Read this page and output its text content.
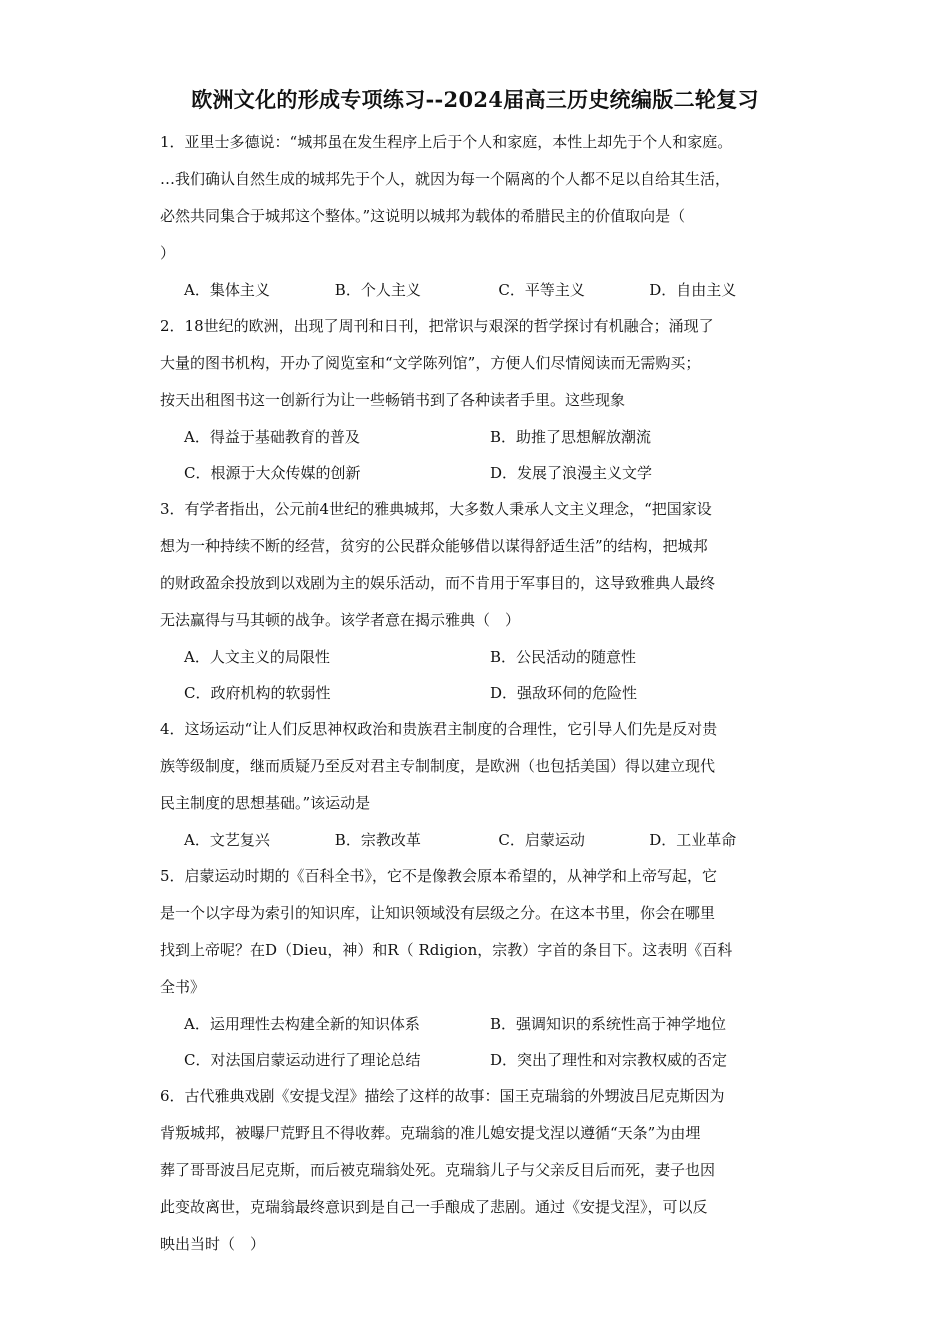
欧洲文化的形成专项练习--2024届高三历史统编版二轮复习

1．亚里士多德说：“城邦虽在发生程序上后于个人和家庭，本性上却先于个人和家庭。

…我们确认自然生成的城邦先于个人，就因为每一个隔离的个人都不足以自给其生活，

必然共同集合于城邦这个整体。”这说明以城邦为载体的希腊民主的价值取向是（

）

A．集体主义	B．个人主义	C．平等主义	D．自由主义

2．18世纪的欧洲，出现了周刊和日刊，把常识与艰深的哲学探讨有机融合；涌现了

大量的图书机构，开办了阅览室和“文学陈列馆”，方便人们尽情阅读而无需购买；

按天出租图书这一创新行为让一些畅销书到了各种读者手里。这些现象

A．得益于基础教育的普及	B．助推了思想解放潮流
C．根源于大众传媒的创新	D．发展了浪漫主义文学

3．有学者指出，公元前4世纪的雅典城邦，大多数人秉承人文主义理念，“把国家设

想为一种持续不断的经营，贫穷的公民群众能够借以谋得舒适生活”的结构，把城邦

的财政盈余投放到以戏剧为主的娱乐活动，而不肯用于军事目的，这导致雅典人最终

无法赢得与马其顿的战争。该学者意在揭示雅典（　）

A．人文主义的局限性	B．公民活动的随意性
C．政府机构的软弱性	D．强敌环伺的危险性

4．这场运动“让人们反思神权政治和贵族君主制度的合理性，它引导人们先是反对贵

族等级制度，继而质疑乃至反对君主专制制度，是欧洲（也包括美国）得以建立现代

民主制度的思想基础。”该运动是

A．文艺复兴	B．宗教改革	C．启蒙运动	D．工业革命

5．启蒙运动时期的《百科全书》，它不是像教会原本希望的，从神学和上帝写起，它

是一个以字母为索引的知识库，让知识领域没有层级之分。在这本书里，你会在哪里

找到上帝呢？在D（Dieu，神）和R（ Rdigion，宗教）字首的条目下。这表明《百科

全书》

A．运用理性去构建全新的知识体系	B．强调知识的系统性高于神学地位
C．对法国启蒙运动进行了理论总结	D．突出了理性和对宗教权威的否定

6．古代雅典戏剧《安提戈涅》描绘了这样的故事：国王克瑞翁的外甥波吕尼克斯因为

背叛城邦，被曝尸荒野且不得收葬。克瑞翁的准儿媳安提戈涅以遵循“天条”为由埋

葬了哥哥波吕尼克斯，而后被克瑞翁处死。克瑞翁儿子与父亲反目后而死，妻子也因

此变故离世，克瑞翁最终意识到是自己一手酿成了悲剧。通过《安提戈涅》，可以反

映出当时（　）
